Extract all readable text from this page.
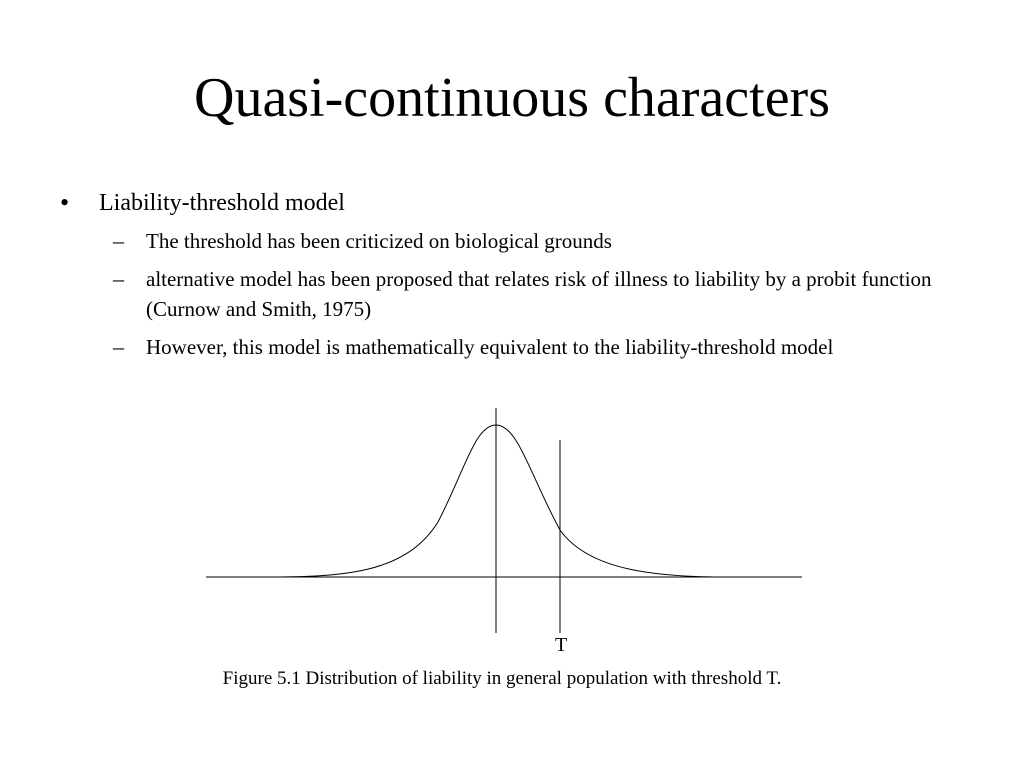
Quasi-continuous characters
• Liability-threshold model
– The threshold has been criticized on biological grounds
– alternative model has been proposed that relates risk of illness to liability by a probit function (Curnow and Smith, 1975)
– However, this model is mathematically equivalent to the liability-threshold model
T
Figure 5.1 Distribution of liability in general population with threshold T.
